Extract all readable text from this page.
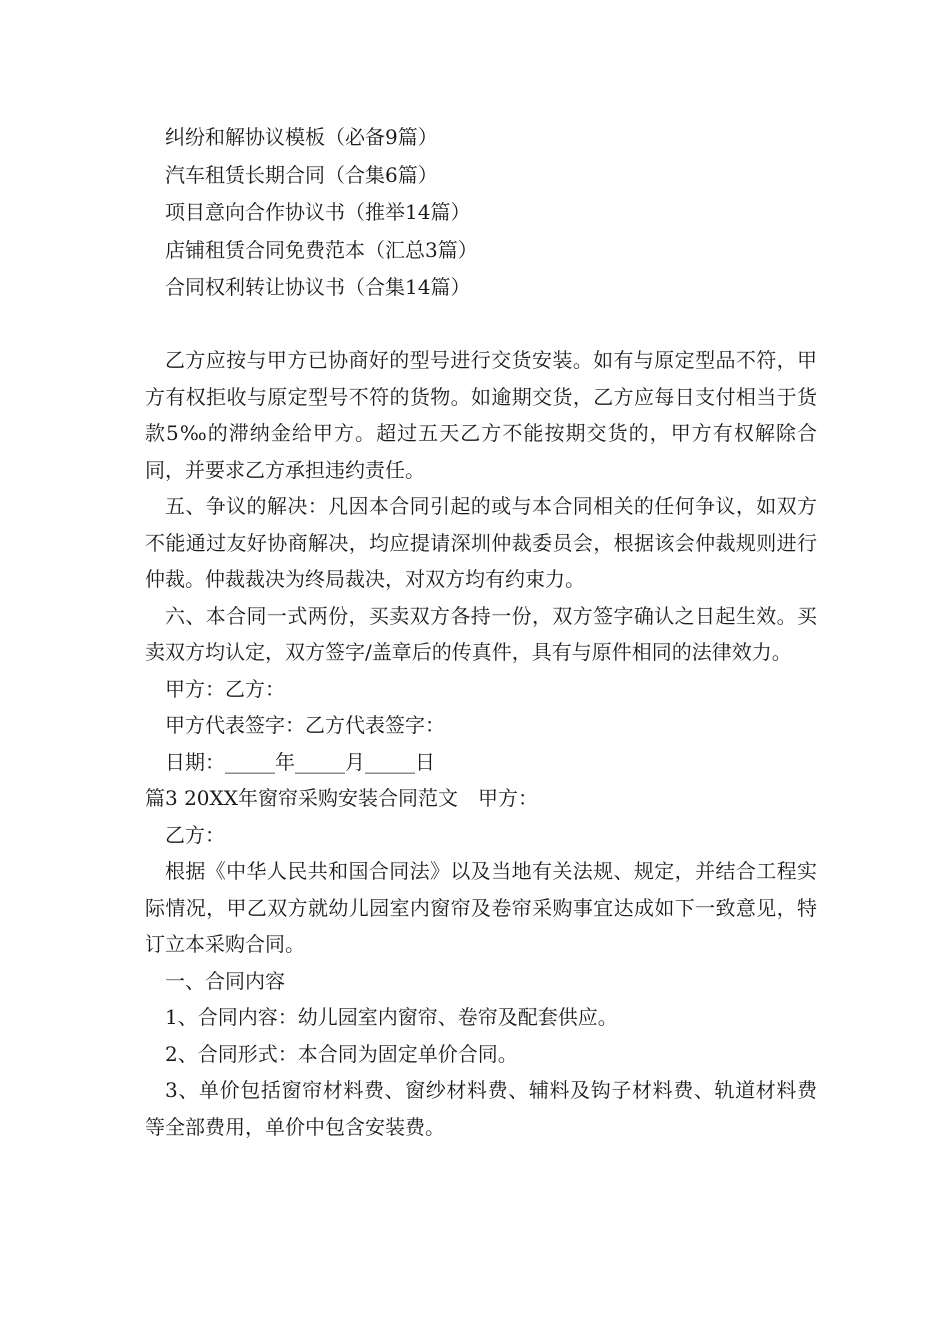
纠纷和解协议模板（必备9篇）
汽车租赁长期合同（合集6篇）
项目意向合作协议书（推举14篇）
店铺租赁合同免费范本（汇总3篇）
合同权利转让协议书（合集14篇）

乙方应按与甲方已协商好的型号进行交货安装。如有与原定型品不符，甲方有权拒收与原定型号不符的货物。如逾期交货，乙方应每日支付相当于货款5‰的滞纳金给甲方。超过五天乙方不能按期交货的，甲方有权解除合同，并要求乙方承担违约责任。

五、争议的解决：凡因本合同引起的或与本合同相关的任何争议，如双方不能通过友好协商解决，均应提请深圳仲裁委员会，根据该会仲裁规则进行仲裁。仲裁裁决为终局裁决，对双方均有约束力。

六、本合同一式两份，买卖双方各持一份，双方签字确认之日起生效。买卖双方均认定，双方签字/盖章后的传真件，具有与原件相同的法律效力。

甲方：乙方：

甲方代表签字：乙方代表签字：

日期：_____年_____月_____日

篇3 20XX年窗帘采购安装合同范文　甲方：

乙方：

根据《中华人民共和国合同法》以及当地有关法规、规定，并结合工程实际情况，甲乙双方就幼儿园室内窗帘及卷帘采购事宜达成如下一致意见，特订立本采购合同。

一、合同内容

1、合同内容：幼儿园室内窗帘、卷帘及配套供应。

2、合同形式：本合同为固定单价合同。

3、单价包括窗帘材料费、窗纱材料费、辅料及钩子材料费、轨道材料费等全部费用，单价中包含安装费。
